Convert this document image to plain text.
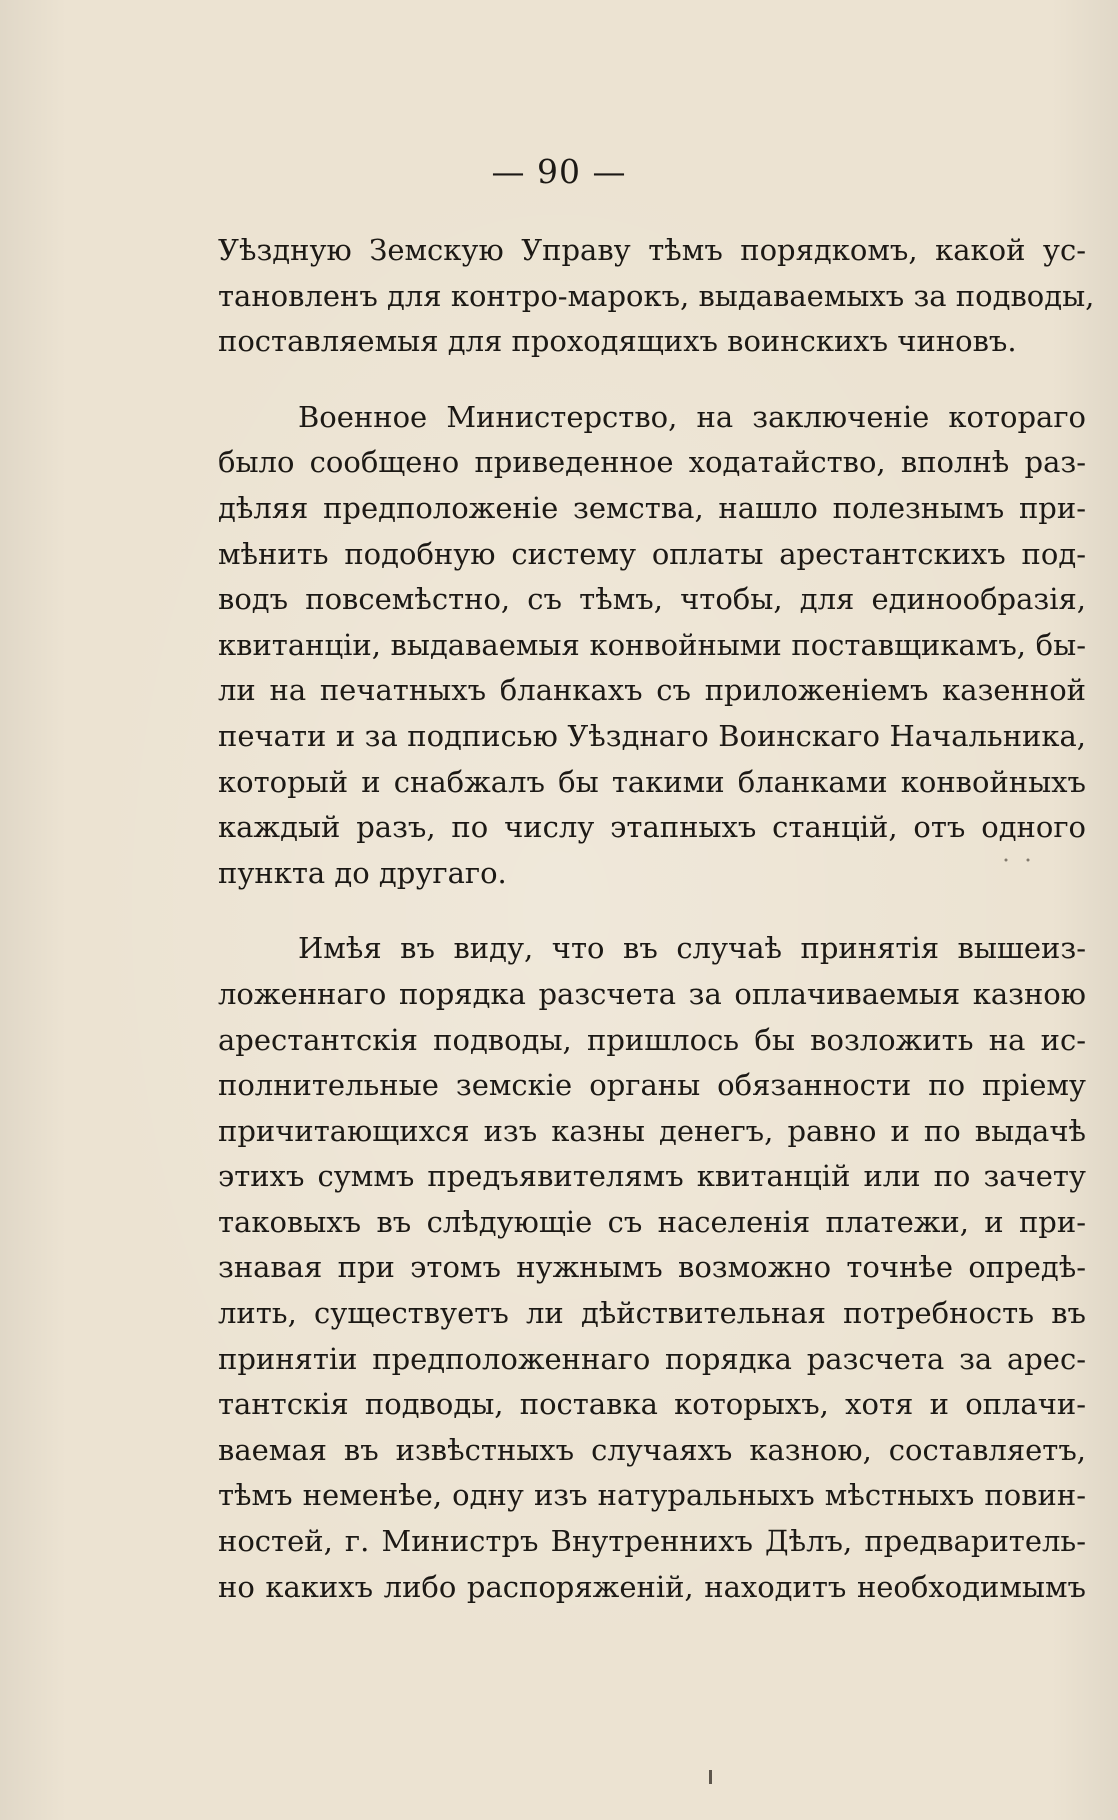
— 90 —
Уѣздную Земскую Управу тѣмъ порядкомъ, какой ус-
тановленъ для контро-марокъ, выдаваемыхъ за подводы,
поставляемыя для проходящихъ воинскихъ чиновъ.
Военное Министерство, на заключеніе котораго
было сообщено приведенное ходатайство, вполнѣ раз-
дѣляя предположеніе земства, нашло полезнымъ при-
мѣнить подобную систему оплаты арестантскихъ под-
водъ повсемѣстно, съ тѣмъ, чтобы, для единообразія,
квитанціи, выдаваемыя конвойными поставщикамъ, бы-
ли на печатныхъ бланкахъ съ приложеніемъ казенной
печати и за подписью Уѣзднаго Воинскаго Начальника,
который и снабжалъ бы такими бланками конвойныхъ
каждый разъ, по числу этапныхъ станцій, отъ одного
пункта до другаго.
Имѣя въ виду, что въ случаѣ принятія вышеиз-
ложеннаго порядка разсчета за оплачиваемыя казною
арестантскія подводы, пришлось бы возложить на ис-
полнительные земскіе органы обязанности по пріему
причитающихся изъ казны денегъ, равно и по выдачѣ
этихъ суммъ предъявителямъ квитанцій или по зачету
таковыхъ въ слѣдующіе съ населенія платежи, и при-
знавая при этомъ нужнымъ возможно точнѣе опредѣ-
лить, существуетъ ли дѣйствительная потребность въ
принятіи предположеннаго порядка разсчета за арес-
тантскія подводы, поставка которыхъ, хотя и оплачи-
ваемая въ извѣстныхъ случаяхъ казною, составляетъ,
тѣмъ неменѣе, одну изъ натуральныхъ мѣстныхъ повин-
ностей, г. Министръ Внутреннихъ Дѣлъ, предваритель-
но какихъ либо распоряженій, находитъ необходимымъ
